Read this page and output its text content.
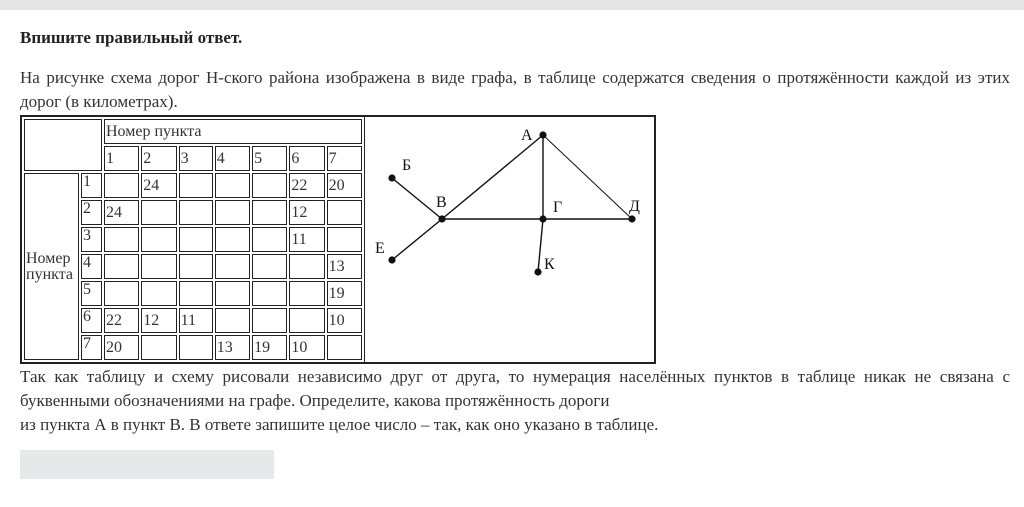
Впишите правильный ответ.
На рисунке схема дорог Н-ского района изображена в виде графа, в таблице содержатся сведения о протяжённости каждой из этих дорог (в километрах).
		Номер пункта						
		1	2	3	4	5	6	7
Номер пункта	1		24				22	20
	2	24					12	
	3						11	
	4							13
	5							19
	6	22	12	11				10
	7	20			13	19	10	
А
Б
В	Г	Д
Е
К

Так как таблицу и схему рисовали независимо друг от друга, то нумерация населённых пунктов в таблице никак не связана с буквенными обозначениями на графе. Определите, какова протяжённость дороги

из пункта А в пункт В. В ответе запишите целое число – так, как оно указано в таблице.
